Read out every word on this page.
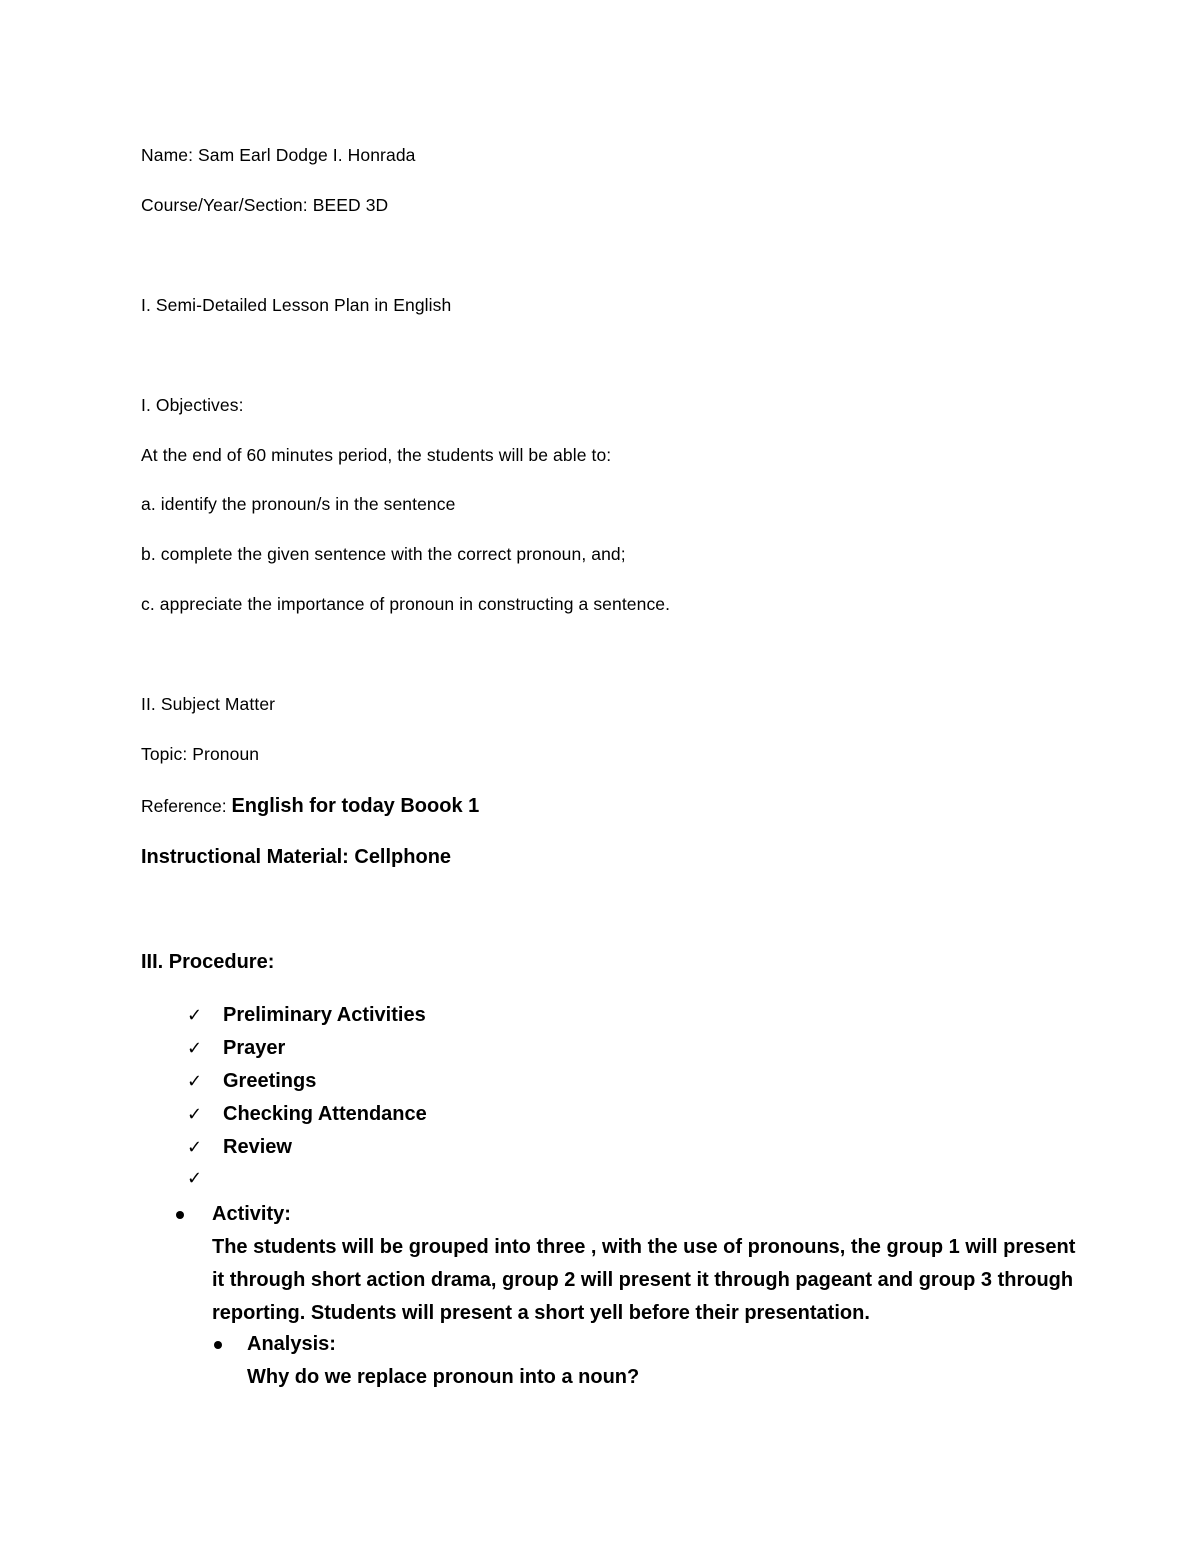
Name: Sam Earl Dodge I. Honrada
Course/Year/Section: BEED 3D
I. Semi-Detailed Lesson Plan in English
I. Objectives:
At the end of 60 minutes period, the students will be able to:
a. identify the pronoun/s in the sentence
b. complete the given sentence with the correct pronoun, and;
c. appreciate the importance of pronoun in constructing a sentence.
II. Subject Matter
Topic: Pronoun
Reference: English for today Boook 1
Instructional Material: Cellphone
III. Procedure:
✓ Preliminary Activities
✓ Prayer
✓ Greetings
✓ Checking Attendance
✓ Review
✓
Activity:
The students will be grouped into three , with the use of pronouns, the group 1 will present it through short action drama, group 2 will present it through pageant and group 3 through reporting. Students will present a short yell before their presentation.
Analysis:
Why do we replace pronoun into a noun?
